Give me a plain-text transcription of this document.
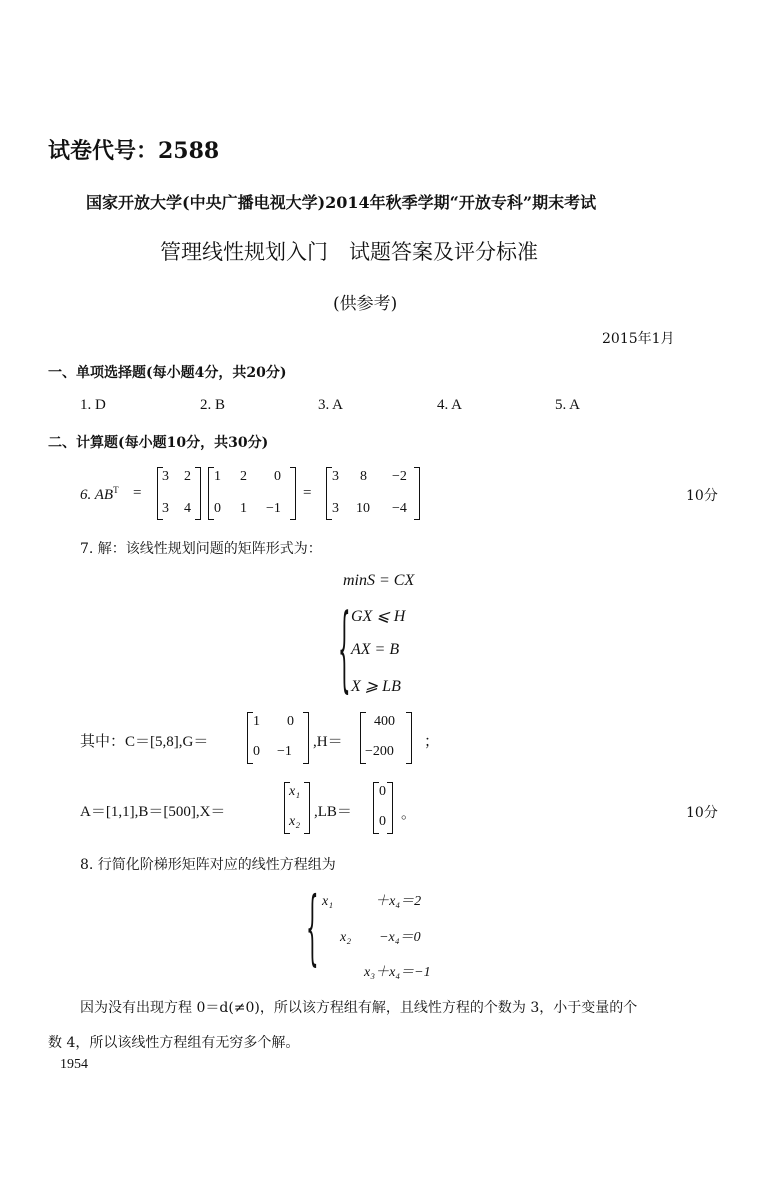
试卷代号：2588
国家开放大学(中央广播电视大学)2014年秋季学期“开放专科”期末考试
管理线性规划入门　试题答案及评分标准
(供参考)
2015年1月
一、单项选择题(每小题4分，共20分)
1. D	2. B	3. A	4. A	5. A
二、计算题(每小题10分，共30分)
6. $AB^T$ =
3 2
3 4
1 2 0
0 1 −1
=
3 8 −2
3 10 −4
10分
7. 解：该线性规划问题的矩阵形式为：
minS = CX
{ GX ⩽ H
AX = B
X ⩾ LB
其中：C＝[5,8],G＝
1 0
0 −1
,H＝
400
−200
；
A＝[1,1],B＝[500],X＝
x₁
x₂
,LB＝
0
0 。	10分
8. 行简化阶梯形矩阵对应的线性方程组为
{ x₁　　　＋x₄＝2
x₂　　−x₄＝0
x₃＋x₄＝−1
因为没有出现方程 0＝d(≠0)，所以该方程组有解，且线性方程的个数为 3，小于变量的个
数 4，所以该线性方程组有无穷多个解。
1954
